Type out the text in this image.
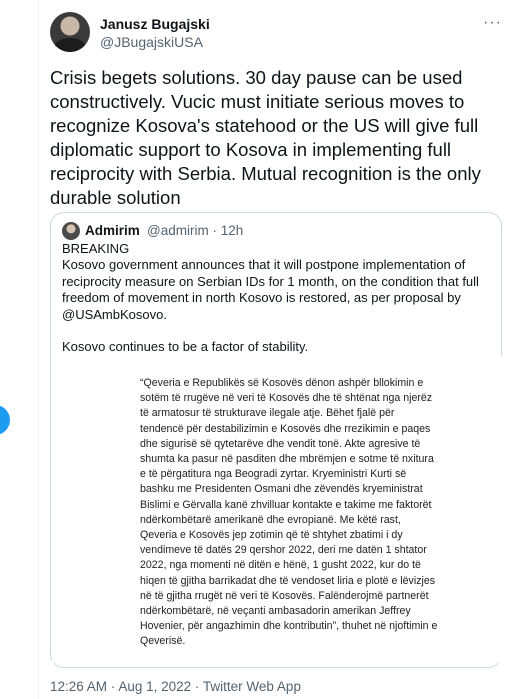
Janusz Bugajski
@JBugajskiUSA
···
Crisis begets solutions. 30 day pause can be used constructively. Vucic must initiate serious moves to recognize Kosova's statehood or the US will give full diplomatic support to Kosova in implementing full reciprocity with Serbia. Mutual recognition is the only durable solution
Admirim @admirim · 12h

BREAKING
Kosovo government announces that it will postpone implementation of reciprocity measure on Serbian IDs for 1 month, on the condition that full freedom of movement in north Kosovo is restored, as per proposal by @USAmbKosovo.

Kosovo continues to be a factor of stability.

“Qeveria e Republikës së Kosovës dënon ashpër bllokimin e sotëm të rrugëve në veri të Kosovës dhe të shtënat nga njerëz të armatosur të strukturave ilegale atje. Bëhet fjalë për tendencë për destabilizimin e Kosovës dhe rrezikimin e paqes dhe sigurisë së qytetarëve dhe vendit tonë. Akte agresive të shumta ka pasur në pasditen dhe mbrëmjen e sotme të nxitura e të përgatitura nga Beogradi zyrtar. Kryeministri Kurti së bashku me Presidenten Osmani dhe zëvendës kryeministrat Bislimi e Gërvalla kanë zhvilluar kontakte e takime me faktorët ndërkombëtarë amerikanë dhe evropianë. Me këtë rast, Qeveria e Kosovës jep zotimin që të shtyhet zbatimi i dy vendimeve të datës 29 qershor 2022, deri me datën 1 shtator 2022, nga momenti në ditën e hënë, 1 gusht 2022, kur do të hiqen të gjitha barrikadat dhe të vendoset liria e plotë e lëvizjes në të gjitha rrugët në veri të Kosovës. Falënderojmë partnerët ndërkombëtarë, në veçanti ambasadorin amerikan Jeffrey Hovenier, për angazhimin dhe kontributin”, thuhet në njoftimin e Qeverisë.
12:26 AM · Aug 1, 2022 · Twitter Web App
